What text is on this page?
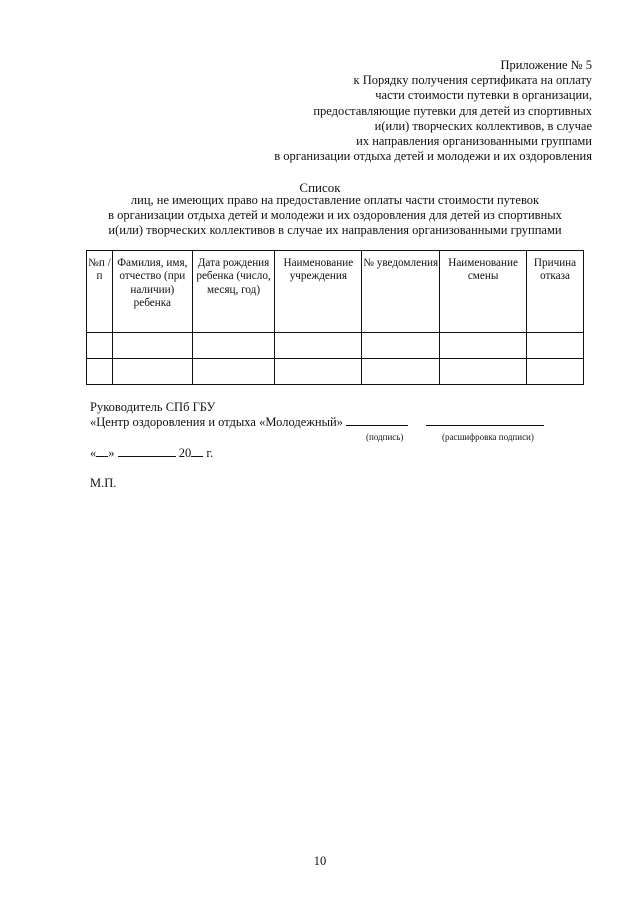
Приложение № 5
к Порядку получения сертификата на оплату
части стоимости путевки в организации,
предоставляющие путевки для детей из спортивных
и(или) творческих коллективов, в случае
их направления организованными группами
в организации отдыха детей и молодежи и их оздоровления
Список
лиц, не имеющих право на предоставление оплаты части стоимости путевок
в организации отдыха детей и молодежи и их оздоровления для детей из спортивных
и(или) творческих коллективов в случае их направления организованными группами
№п /п	Фамилия, имя, отчество (при наличии) ребенка	Дата рождения ребенка (число, месяц, год)	Наименование учреждения	№ уведомления	Наименование смены	Причина отказа

Руководитель СПб ГБУ
«Центр оздоровления и отдыха «Молодежный»
(подпись)	(расшифровка подписи)
« »	20 г.
М.П.
10
